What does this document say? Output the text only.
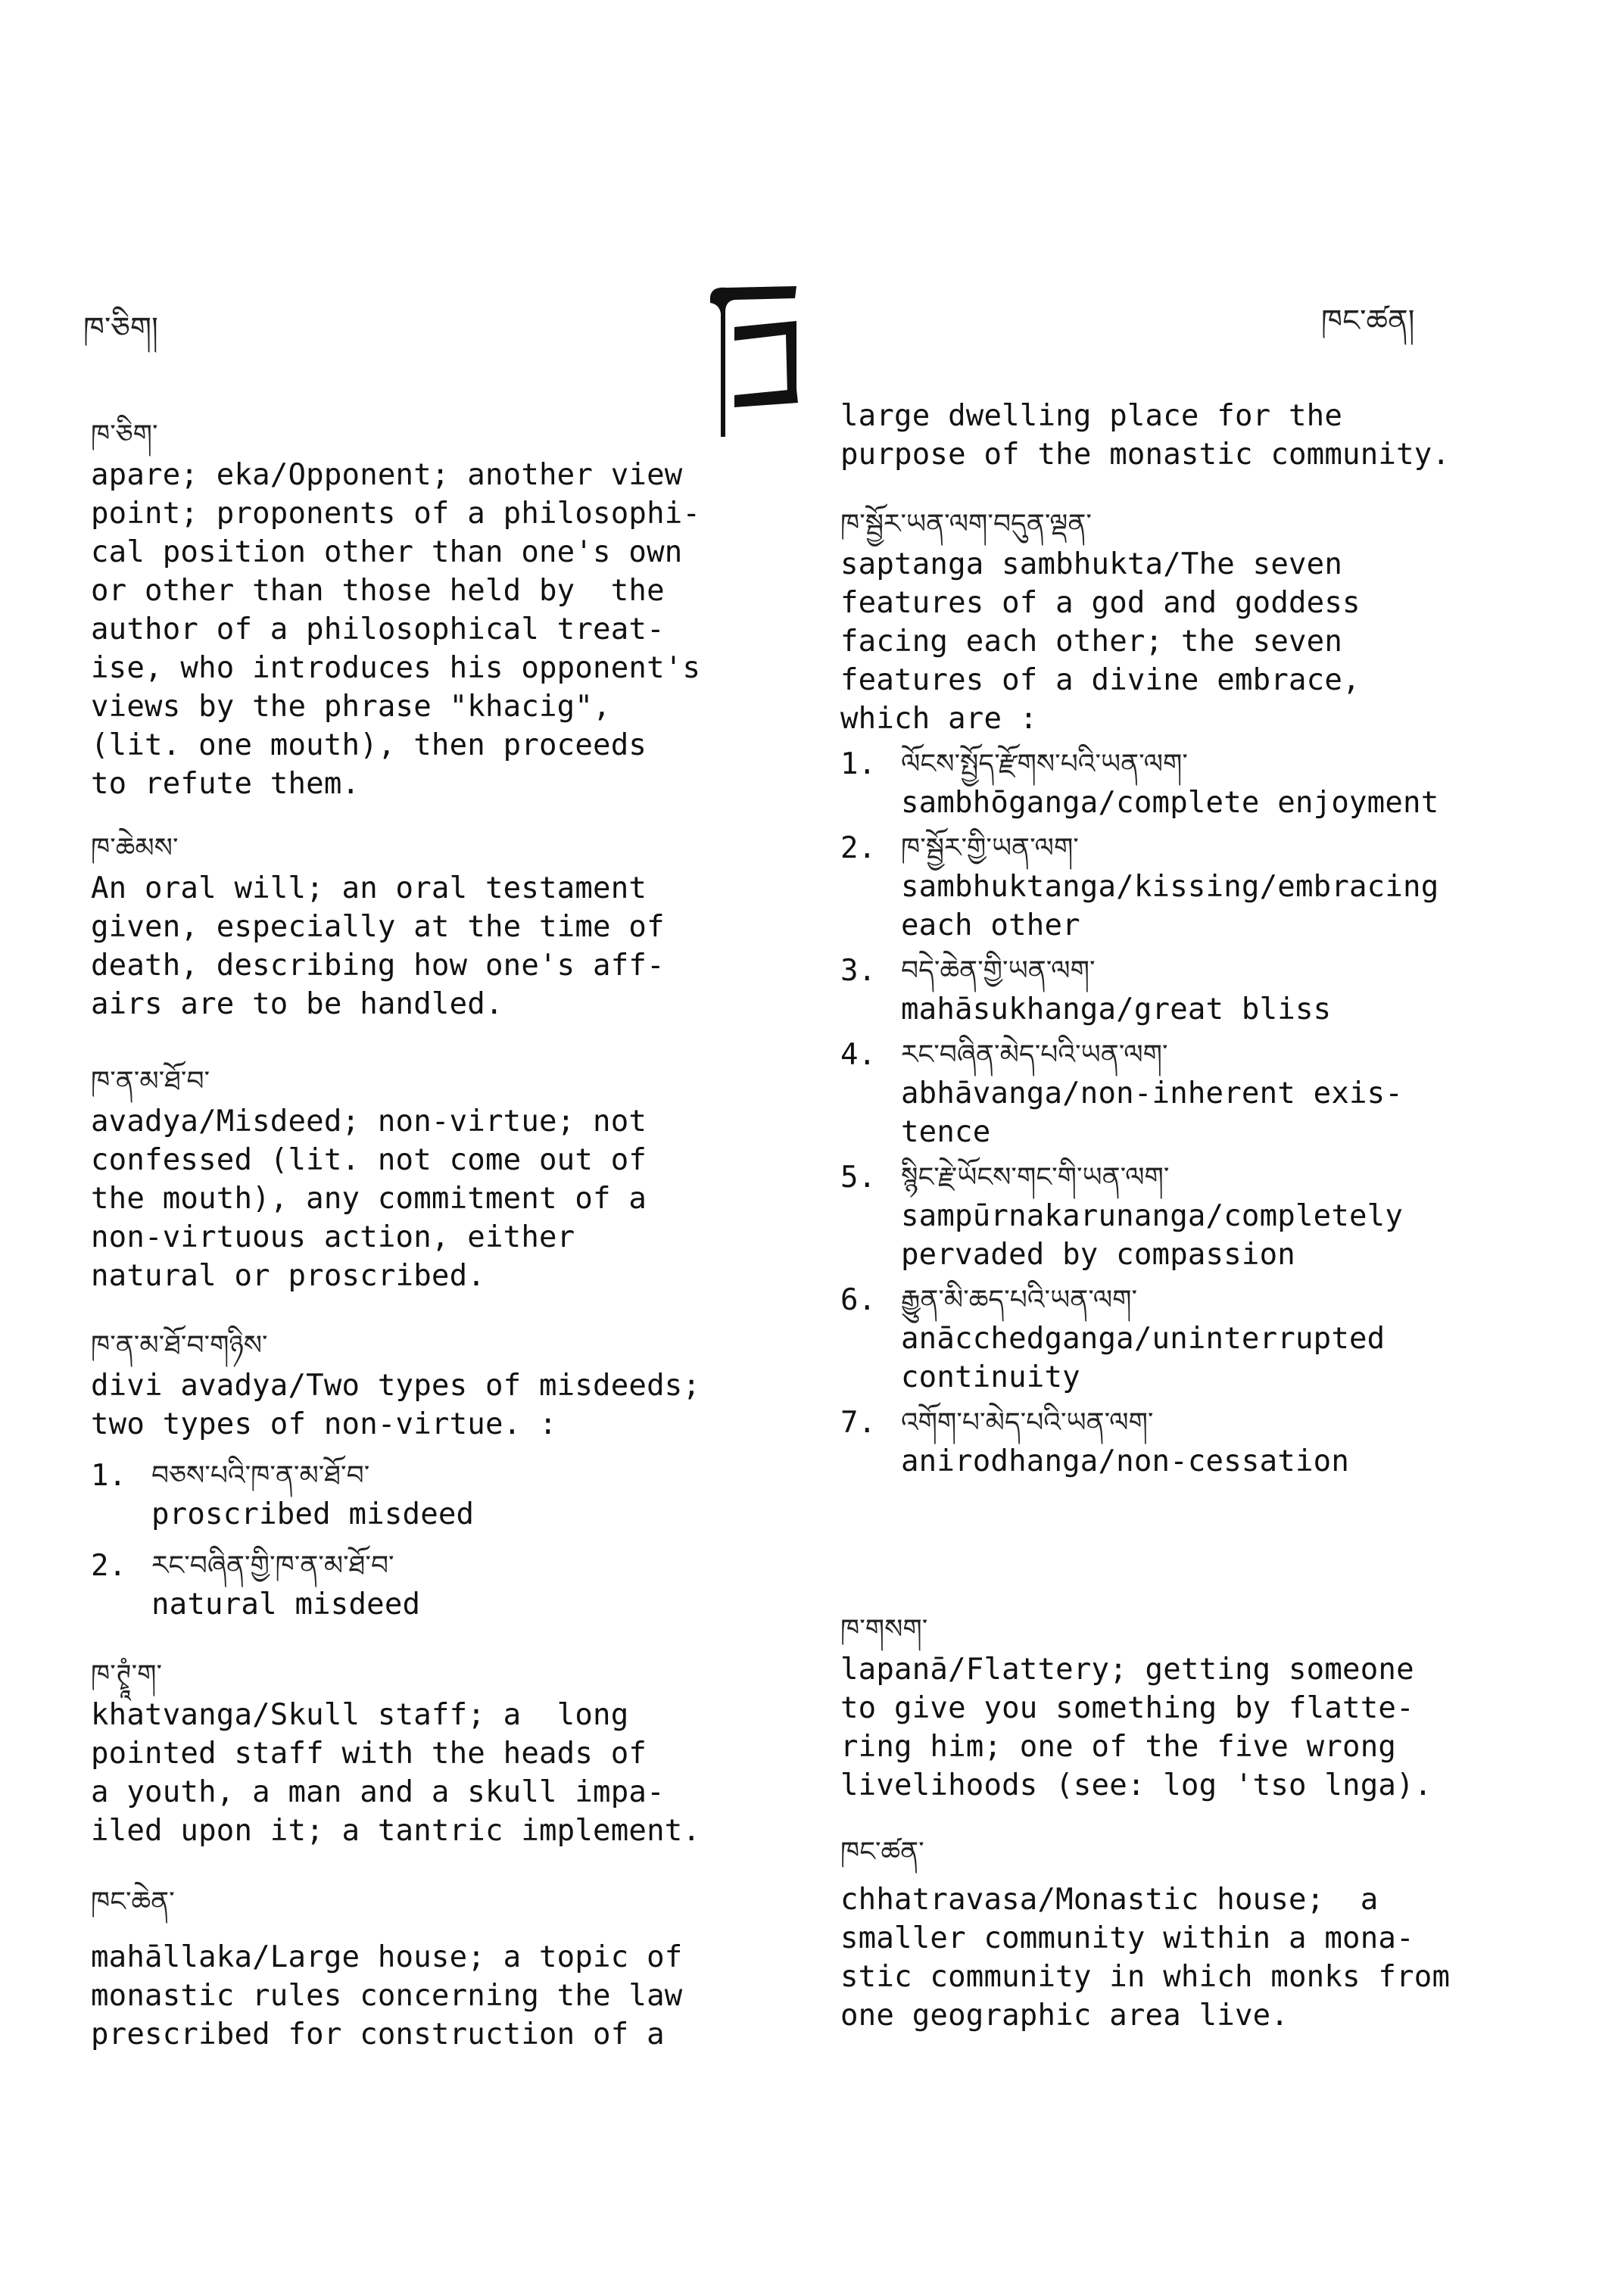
ཁ་ཅིག།	ཁང་ཚན།
ཁ་ཅིག་
apare; eka/Opponent; another view
point; proponents of a philosophi-
cal position other than one's own
or other than those held by  the
author of a philosophical treat-
ise, who introduces his opponent's
views by the phrase "khacig",
(lit. one mouth), then proceeds
to refute them.
ཁ་ཆེམས་
An oral will; an oral testament
given, especially at the time of
death, describing how one's aff-
airs are to be handled.
ཁ་ན་མ་ཐོ་བ་
avadya/Misdeed; non-virtue; not
confessed (lit. not come out of
the mouth), any commitment of a
non-virtuous action, either
natural or proscribed.
ཁ་ན་མ་ཐོ་བ་གཉིས་
divi avadya/Two types of misdeeds;
two types of non-virtue. :
1. བཅས་པའི་ཁ་ན་མ་ཐོ་བ་
proscribed misdeed
2. རང་བཞིན་གྱི་ཁ་ན་མ་ཐོ་བ་
natural misdeed
ཁ་ཊྭཱཾ་ག་
khatvanga/Skull staff; a  long
pointed staff with the heads of
a youth, a man and a skull impa-
iled upon it; a tantric implement.
ཁང་ཆེན་
mahāllaka/Large house; a topic of
monastic rules concerning the law
prescribed for construction of a
large dwelling place for the
purpose of the monastic community.
ཁ་སྦྱོར་ཡན་ལག་བདུན་ལྡན་
saptanga sambhukta/The seven
features of a god and goddess
facing each other; the seven
features of a divine embrace,
which are :
1. ལོངས་སྤྱོད་རྫོགས་པའི་ཡན་ལག་
sambhōganga/complete enjoyment
2. ཁ་སྦྱོར་གྱི་ཡན་ལག་
sambhuktanga/kissing/embracing
each other
3. བདེ་ཆེན་གྱི་ཡན་ལག་
mahāsukhanga/great bliss
4. རང་བཞིན་མེད་པའི་ཡན་ལག་
abhāvanga/non-inherent exis-
tence
5. སྙིང་རྗེ་ཡོངས་གང་གི་ཡན་ལག་
sampūrnakarunanga/completely
pervaded by compassion
6. རྒྱུན་མི་ཆད་པའི་ཡན་ལག་
anācchedganga/uninterrupted
continuity
7. འགོག་པ་མེད་པའི་ཡན་ལག་
anirodhanga/non-cessation
ཁ་གསག་
lapanā/Flattery; getting someone
to give you something by flatte-
ring him; one of the five wrong
livelihoods (see: log 'tso lnga).
ཁང་ཚན་
chhatravasa/Monastic house;  a
smaller community within a mona-
stic community in which monks from
one geographic area live.
